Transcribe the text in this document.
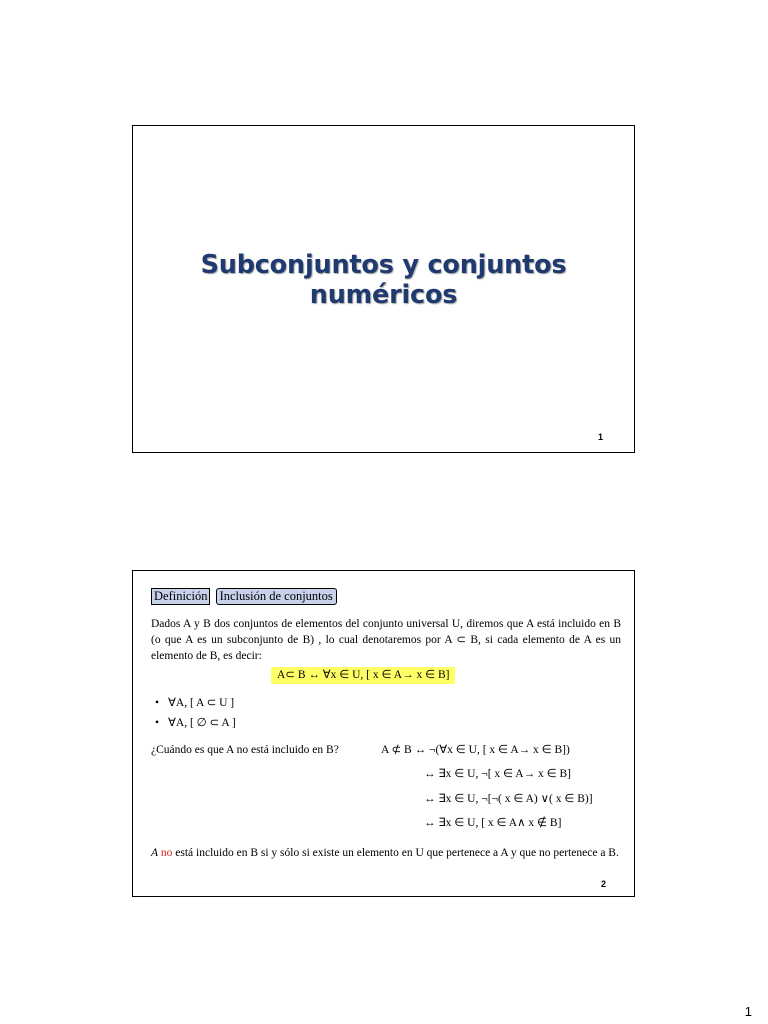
Subconjuntos y conjuntos numéricos
1
Definición Inclusión de conjuntos
Dados A y B dos conjuntos de elementos del conjunto universal U, diremos que A está incluido en B (o que A es un subconjunto de B) , lo cual denotaremos por A ⊂ B, si cada elemento de A es un elemento de B, es decir:
A⊂ B ↔ ∀x ∈ U, [ x ∈ A→ x ∈ B]
• ∀A, [ A ⊂ U ]
• ∀A, [ ∅ ⊂ A ]
¿Cuándo es que A no está incluido en B?	A ⊄ B ↔ ¬(∀x ∈ U, [ x ∈ A→ x ∈ B])
↔ ∃x ∈ U, ¬[ x ∈ A→ x ∈ B]
↔ ∃x ∈ U, ¬[¬( x ∈ A) ∨( x ∈ B)]
↔ ∃x ∈ U, [ x ∈ A∧ x ∉ B]
A no está incluido en B si y sólo si existe un elemento en U que pertenece a A y que no pertenece a B.
2
1
